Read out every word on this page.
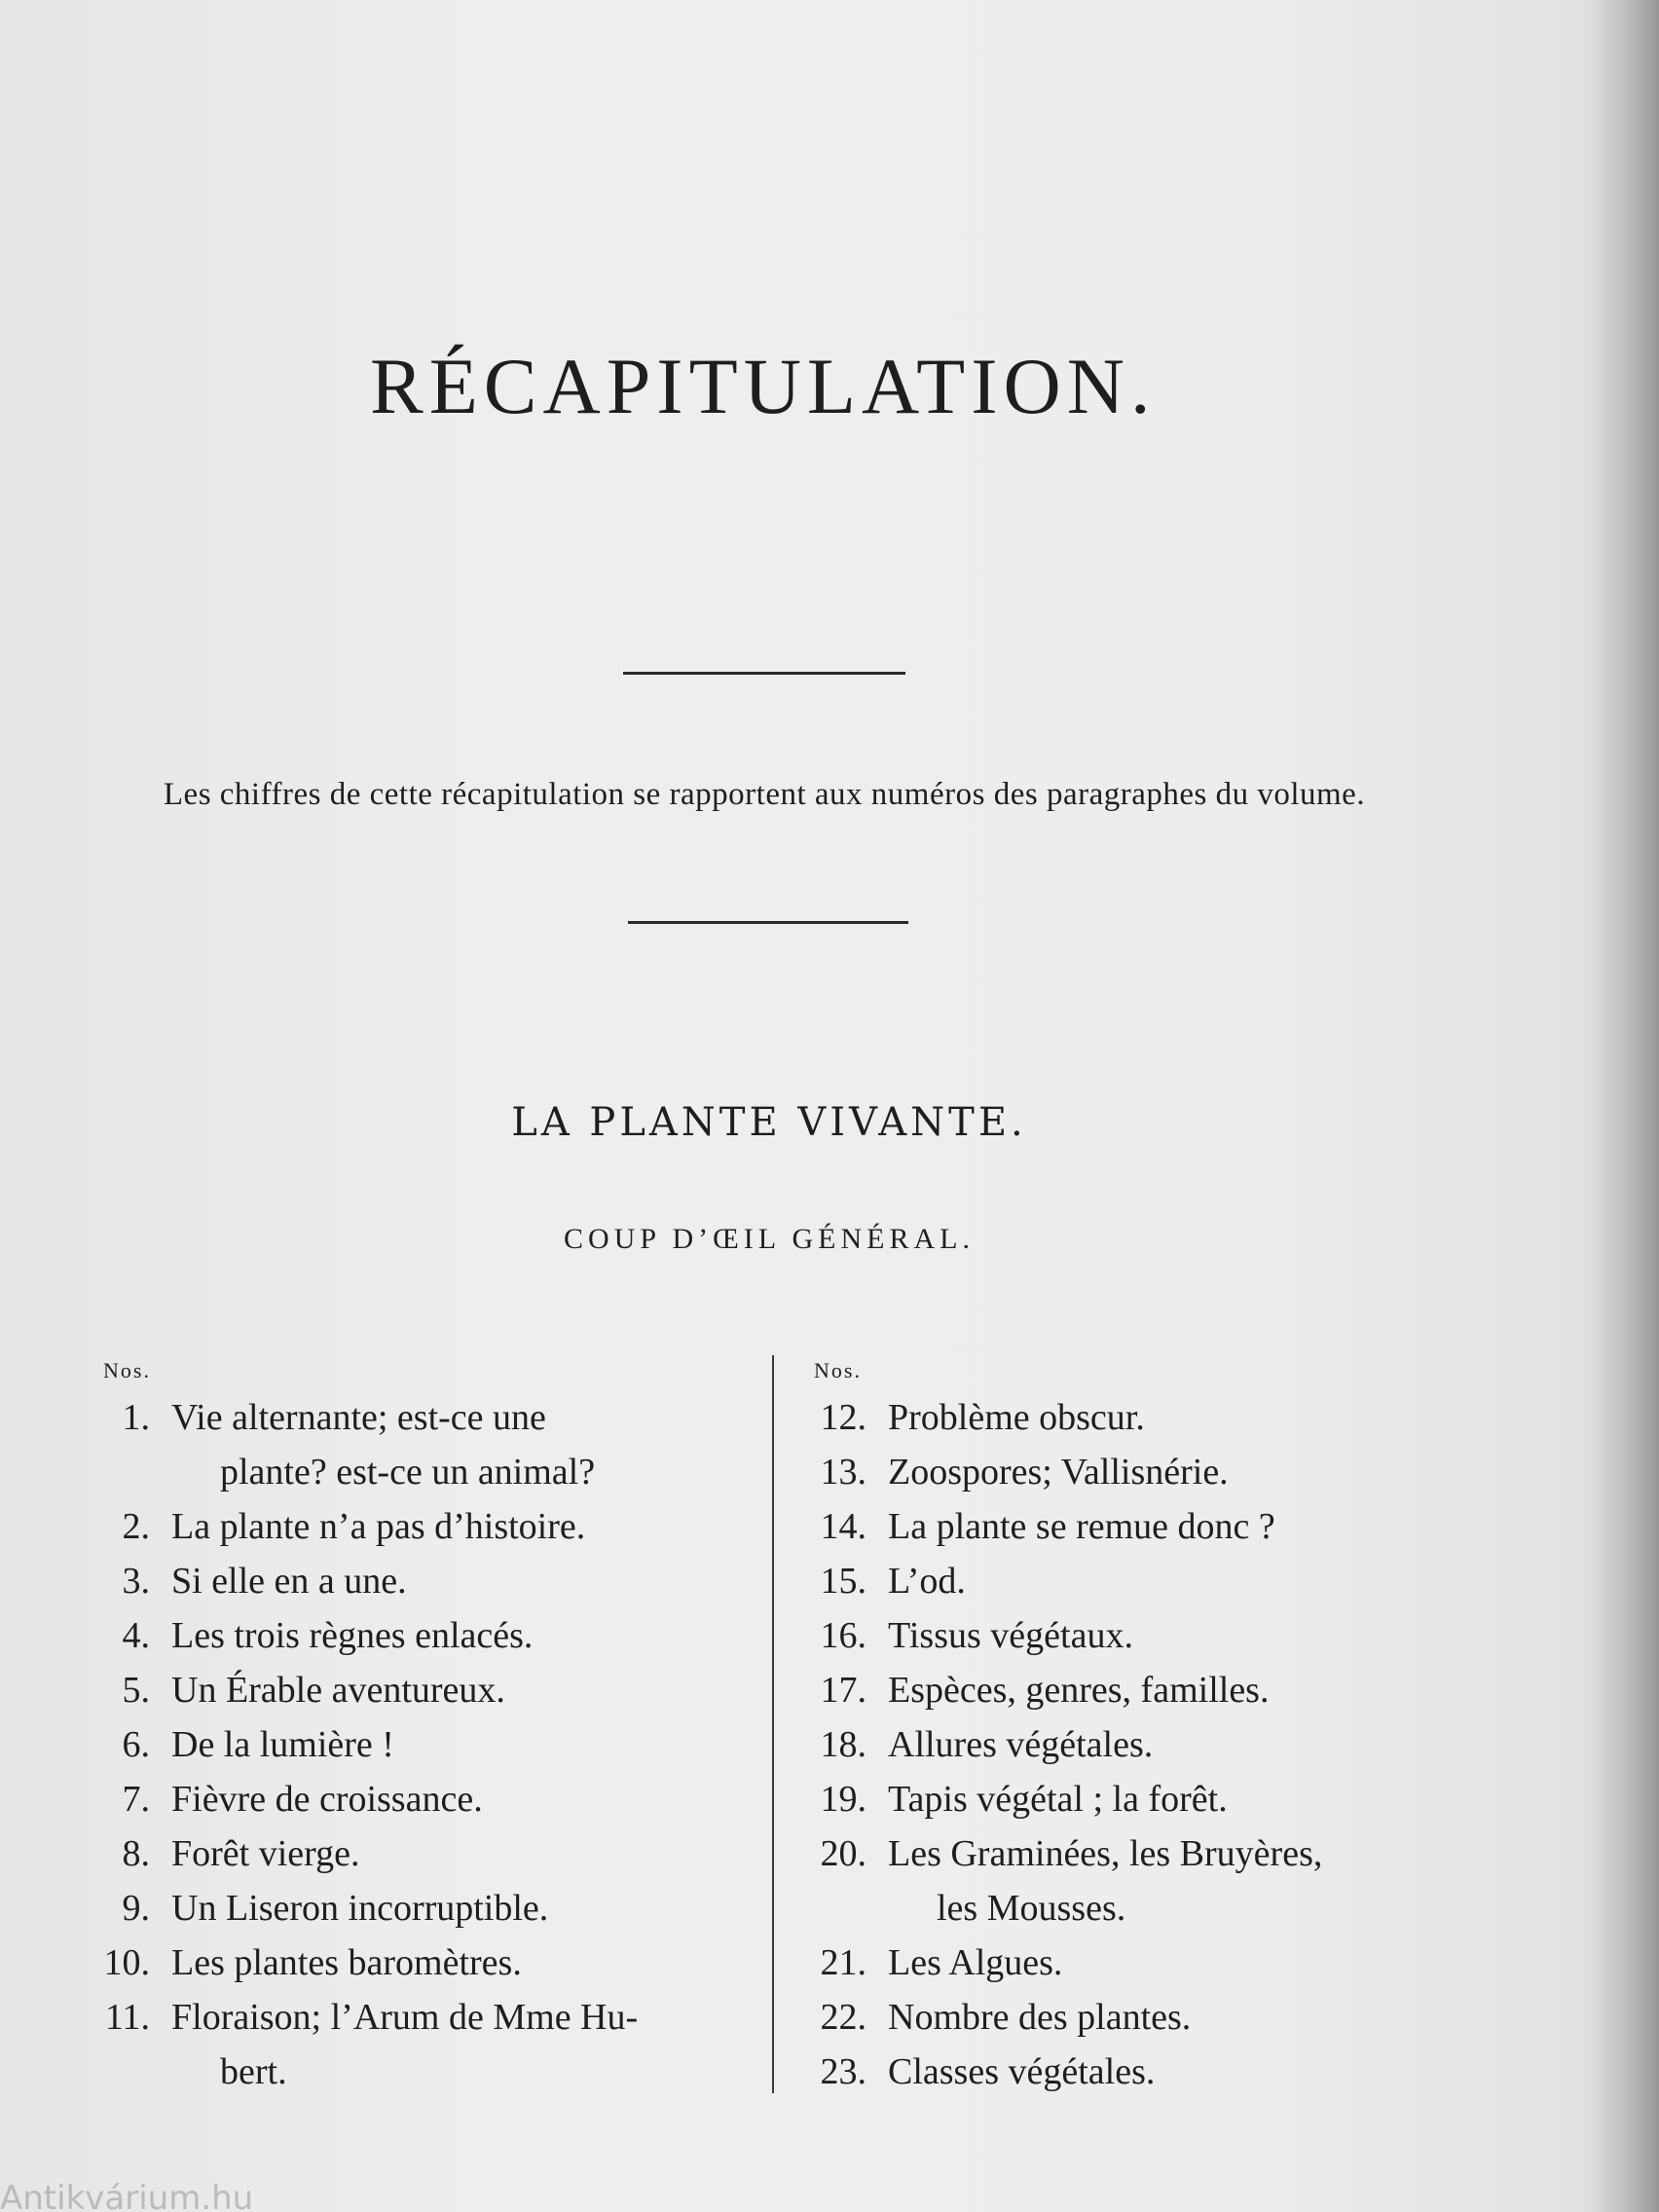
RÉCAPITULATION.
Les chiffres de cette récapitulation se rapportent aux numéros des paragraphes du volume.
LA PLANTE VIVANTE.
COUP D’ŒIL GÉNÉRAL.
Nos.
1. Vie alternante; est-ce une
plante? est-ce un animal?
2. La plante n’a pas d’histoire.
3. Si elle en a une.
4. Les trois règnes enlacés.
5. Un Érable aventureux.
6. De la lumière !
7. Fièvre de croissance.
8. Forêt vierge.
9. Un Liseron incorruptible.
10. Les plantes baromètres.
11. Floraison; l’Arum de Mme Hu-
bert.
Nos.
12. Problème obscur.
13. Zoospores; Vallisnérie.
14. La plante se remue donc ?
15. L’od.
16. Tissus végétaux.
17. Espèces, genres, familles.
18. Allures végétales.
19. Tapis végétal ; la forêt.
20. Les Graminées, les Bruyères,
les Mousses.
21. Les Algues.
22. Nombre des plantes.
23. Classes végétales.
Antikvárium.hu
